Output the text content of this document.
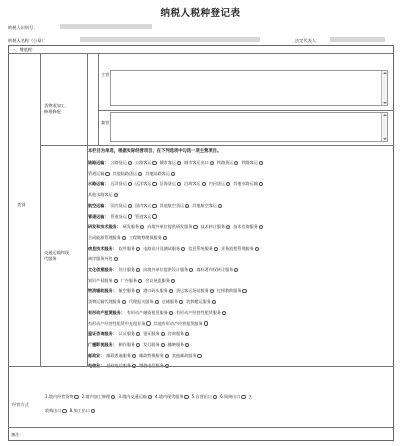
纳税人税种登记表
纳税人识别号：
纳税人名称（公章）：	法定代表人：
一、增值税：
类别
货物或加工、
修理修配
主营
兼营
交通运输和现
代服务
本栏目为单选，根据实际经营项目，在下列选项中勾选一项主营项目。
陆路运输： 公路货运 公路客运 城市客运 城市客运出口 铁路货运 铁路客运
管道运输 其他陆路货运 其他陆路客运
水路运输： 远洋货运 远洋客运 沿海货运 沿海客运 内河货运 其他水路运输
其他水路客运
航空运输： 国内货运 国内客运 其他航空货运 其他航空客运
管道运输： 管道货运 管道客运
研发和技术服务： 研发服务 向境外单位提供研发服务 技术转让服务 技术咨询服务
合同能源管理服务 工程勘察勘探服务
信息技术服务： 软件服务 电路设计及测试服务 信息系统服务 业务流程管理服务
离岸服务外包
文化创意服务： 设计服务 向境外单位提供设计服务 商标著作权转让服务
知识产权服务 广告服务 会议展览服务
物流辅助服务： 航空服务 港口码头服务 货运客运场站服务 打捞救助服务
货物运输代理服务 代理报关服务 仓储服务 装卸搬运服务
有形动产租赁服务： 有形动产融资租赁服务 有形动产经营性租赁服务
有形动产经营性租赁中光租业务 其他有形动产经营租赁服务
鉴证咨询服务： 认证服务 鉴证服务 咨询服务
广播影视服务： 制作服务 发行服务 播映服务
邮政业： 邮政普遍服务 邮政特殊服务 其他邮政服务
电信业： 基础电信服务 增值电信服务
经营方式
1.境内经营货物 2.境内加工修理 3.境内交通运输 4.境内现代服务 5.自营出口 6.间接出口 7.
收购出口 8.加工出口
备注：
